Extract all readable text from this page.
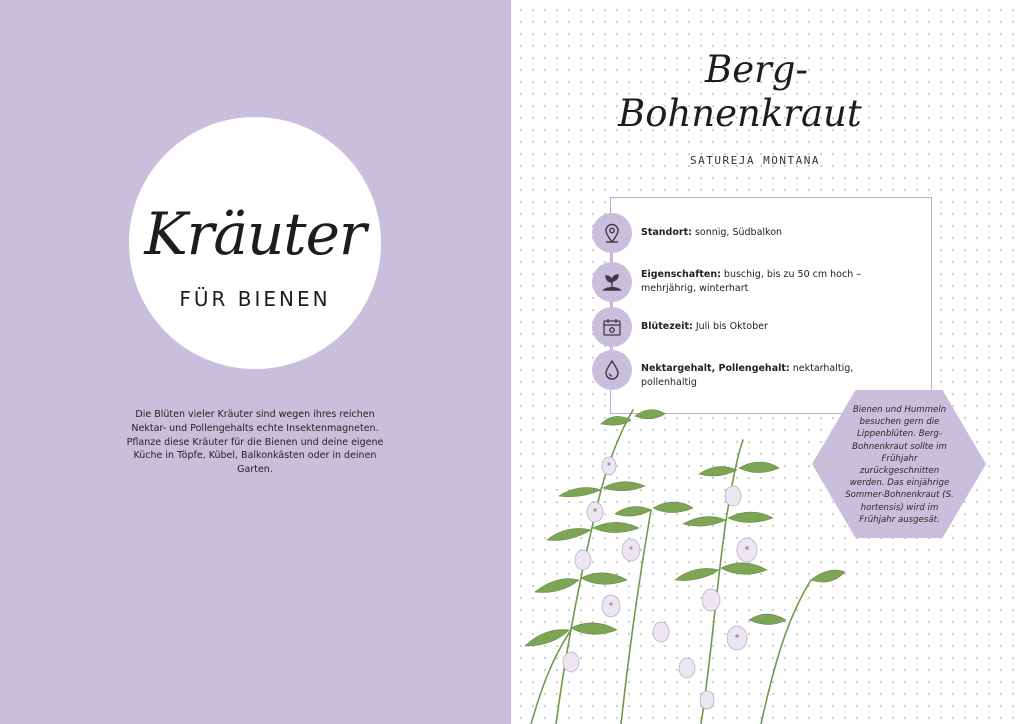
Kräuter
FÜR BIENEN
Die Blüten vieler Kräuter sind wegen ihres reichen Nektar- und Pollengehalts echte Insektenmagneten. Pflanze diese Kräuter für die Bienen und deine eigene Küche in Töpfe, Kübel, Balkonkästen oder in deinen Garten.
Berg-
Bohnenkraut
SATUREJA MONTANA
Standort: sonnig, Südbalkon
Eigenschaften: buschig, bis zu 50 cm hoch – mehrjährig, winterhart
Blütezeit: Juli bis Oktober
Nektargehalt, Pollengehalt: nektarhaltig, pollenhaltig
Bienen und Hummeln besuchen gern die Lippenblüten. Berg-Bohnenkraut sollte im Frühjahr zurückgeschnitten werden. Das einjährige Sommer-Bohnenkraut (S. hortensis) wird im Frühjahr ausgesät.
